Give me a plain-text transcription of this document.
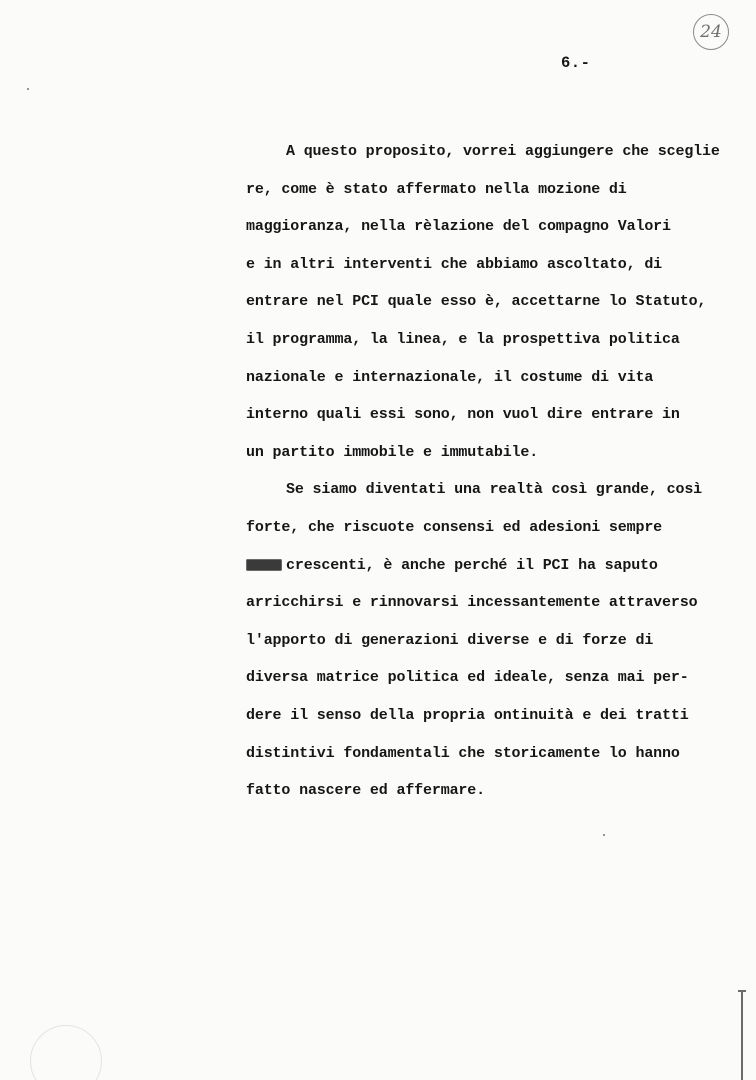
24
6.-
A questo proposito, vorrei aggiungere che sceglie
re, come è stato affermato nella mozione di
maggioranza, nella rèlazione del compagno Valori
e in altri interventi che abbiamo ascoltato, di
entrare nel PCI quale esso è, accettarne lo Statuto,
il programma, la linea, e la prospettiva politica
nazionale e internazionale, il costume di vita
interno quali essi sono, non vuol dire entrare in
un partito immobile e immutabile.
Se siamo diventati una realtà così grande, così
forte, che riscuote consensi ed adesioni sempre
crescenti, è anche perché il PCI ha saputo
arricchirsi e rinnovarsi incessantemente attraverso
l'apporto di generazioni diverse e di forze di
diversa matrice politica ed ideale, senza mai per-
dere il senso della propria ontinuità e dei tratti
distintivi fondamentali che storicamente lo hanno
fatto nascere ed affermare.
